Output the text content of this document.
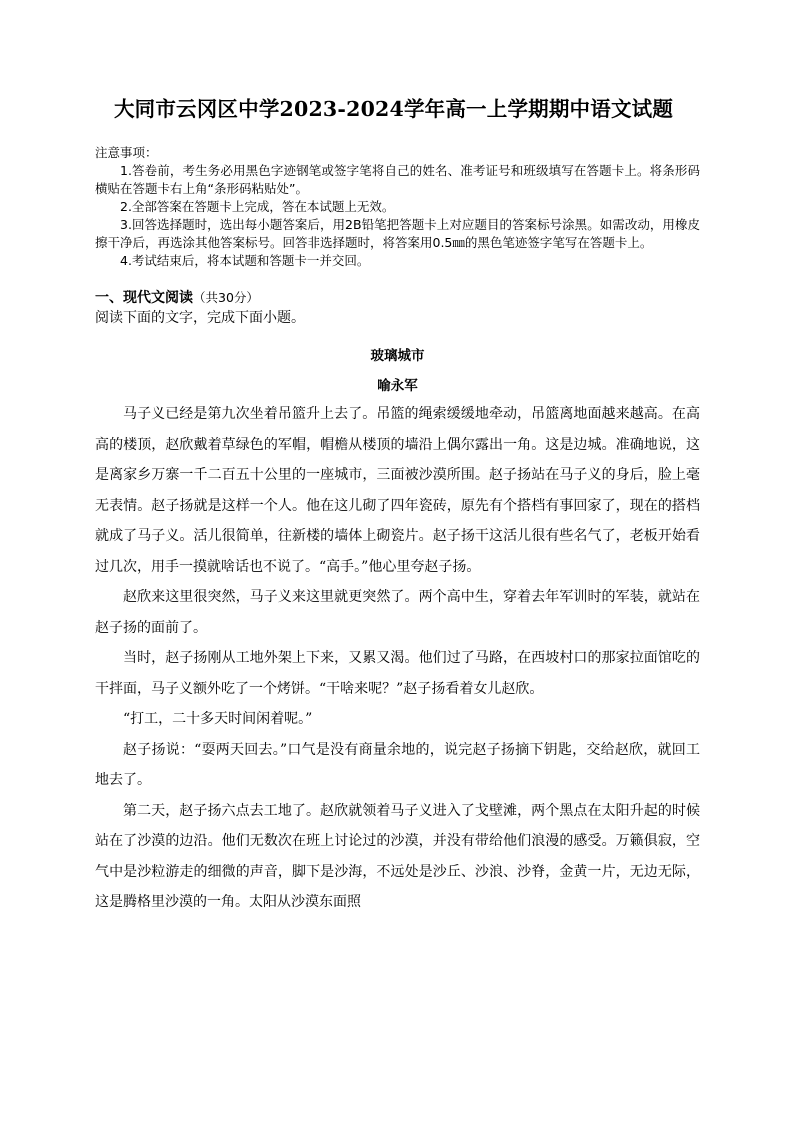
大同市云冈区中学2023-2024学年高一上学期期中语文试题

注意事项：

1.答卷前，考生务必用黑色字迹钢笔或签字笔将自己的姓名、准考证号和班级填写在答题卡上。将条形码横贴在答题卡右上角“条形码粘贴处”。

2.全部答案在答题卡上完成，答在本试题上无效。

3.回答选择题时，选出每小题答案后，用2B铅笔把答题卡上对应题目的答案标号涂黑。如需改动，用橡皮擦干净后，再选涂其他答案标号。回答非选择题时，将答案用0.5㎜的黑色笔迹签字笔写在答题卡上。

4.考试结束后，将本试题和答题卡一并交回。

一、现代文阅读（共30分）

阅读下面的文字，完成下面小题。

玻璃城市
喻永军

马子义已经是第九次坐着吊篮升上去了。吊篮的绳索缓缓地牵动，吊篮离地面越来越高。在高高的楼顶，赵欣戴着草绿色的军帽，帽檐从楼顶的墙沿上偶尔露出一角。这是边城。准确地说，这是离家乡万寨一千二百五十公里的一座城市，三面被沙漠所围。赵子扬站在马子义的身后，脸上毫无表情。赵子扬就是这样一个人。他在这儿砌了四年瓷砖，原先有个搭档有事回家了，现在的搭档就成了马子义。活儿很简单，往新楼的墙体上砌瓷片。赵子扬干这活儿很有些名气了，老板开始看过几次，用手一摸就啥话也不说了。“高手。”他心里夸赵子扬。

赵欣来这里很突然，马子义来这里就更突然了。两个高中生，穿着去年军训时的军装，就站在赵子扬的面前了。

当时，赵子扬刚从工地外架上下来，又累又渴。他们过了马路，在西坡村口的那家拉面馆吃的干拌面，马子义额外吃了一个烤饼。“干啥来呢？”赵子扬看着女儿赵欣。

“打工，二十多天时间闲着呢。”

赵子扬说：“耍两天回去。”口气是没有商量余地的，说完赵子扬摘下钥匙，交给赵欣，就回工地去了。

第二天，赵子扬六点去工地了。赵欣就领着马子义进入了戈壁滩，两个黑点在太阳升起的时候站在了沙漠的边沿。他们无数次在班上讨论过的沙漠，并没有带给他们浪漫的感受。万籁俱寂，空气中是沙粒游走的细微的声音，脚下是沙海，不远处是沙丘、沙浪、沙脊，金黄一片，无边无际，这是腾格里沙漠的一角。太阳从沙漠东面照
